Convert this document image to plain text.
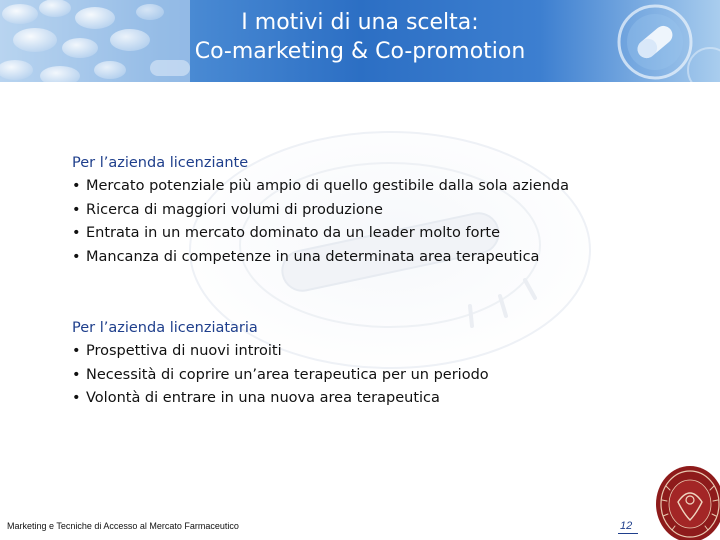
I motivi di una scelta:
Co-marketing & Co-promotion
Per l’azienda licenziante
• Mercato potenziale più ampio di quello gestibile dalla sola azienda
• Ricerca di maggiori volumi di produzione
• Entrata in un mercato dominato da un leader molto forte
• Mancanza di competenze in una determinata area terapeutica
Per l’azienda licenziataria
• Prospettiva di nuovi introiti
• Necessità di coprire un’area terapeutica per un periodo
• Volontà di entrare in una nuova area terapeutica
Marketing e Tecniche di Accesso al Mercato Farmaceutico	12
